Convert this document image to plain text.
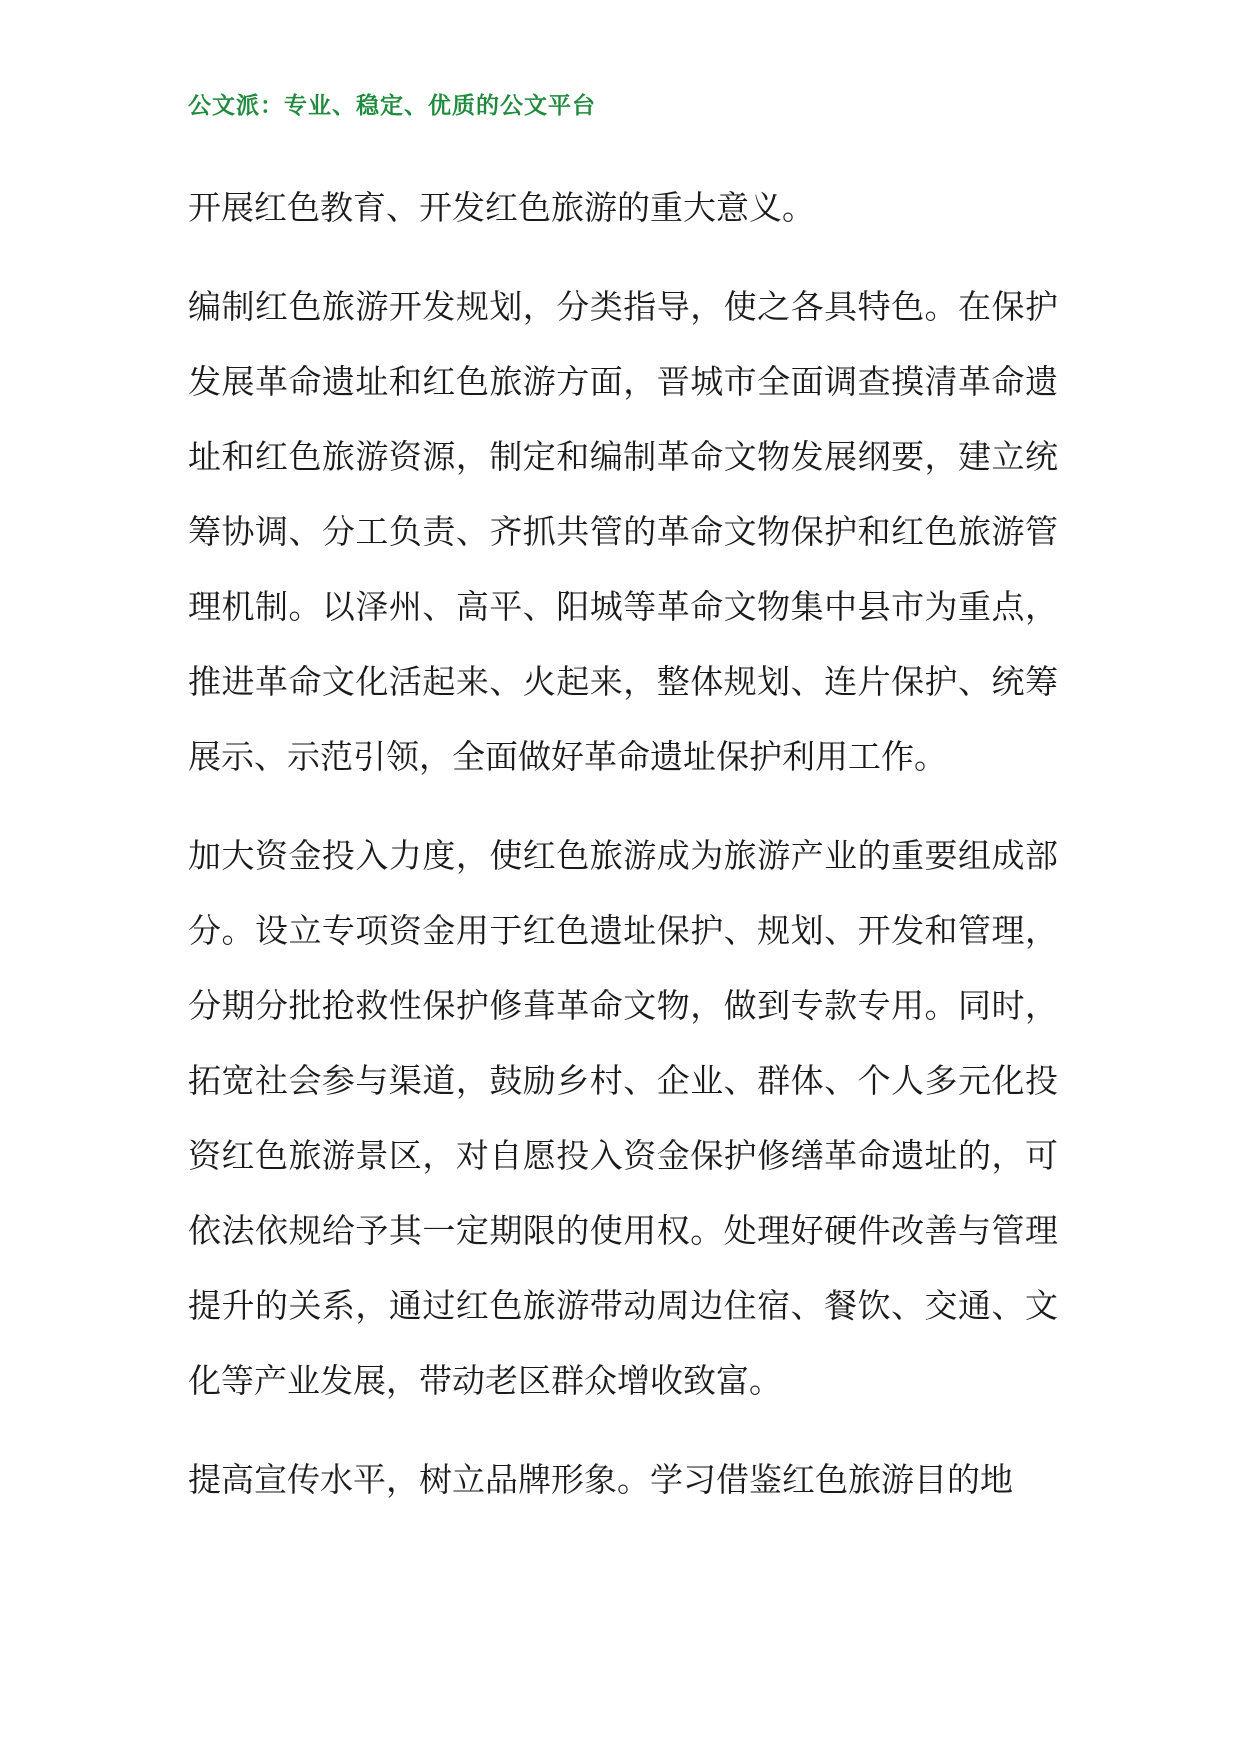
公文派：专业、稳定、优质的公文平台

开展红色教育、开发红色旅游的重大意义。

编制红色旅游开发规划，分类指导，使之各具特色。在保护发展革命遗址和红色旅游方面，晋城市全面调查摸清革命遗址和红色旅游资源，制定和编制革命文物发展纲要，建立统筹协调、分工负责、齐抓共管的革命文物保护和红色旅游管理机制。以泽州、高平、阳城等革命文物集中县市为重点，推进革命文化活起来、火起来，整体规划、连片保护、统筹展示、示范引领，全面做好革命遗址保护利用工作。

加大资金投入力度，使红色旅游成为旅游产业的重要组成部分。设立专项资金用于红色遗址保护、规划、开发和管理，分期分批抢救性保护修葺革命文物，做到专款专用。同时，拓宽社会参与渠道，鼓励乡村、企业、群体、个人多元化投资红色旅游景区，对自愿投入资金保护修缮革命遗址的，可依法依规给予其一定期限的使用权。处理好硬件改善与管理提升的关系，通过红色旅游带动周边住宿、餐饮、交通、文化等产业发展，带动老区群众增收致富。

提高宣传水平，树立品牌形象。学习借鉴红色旅游目的地
